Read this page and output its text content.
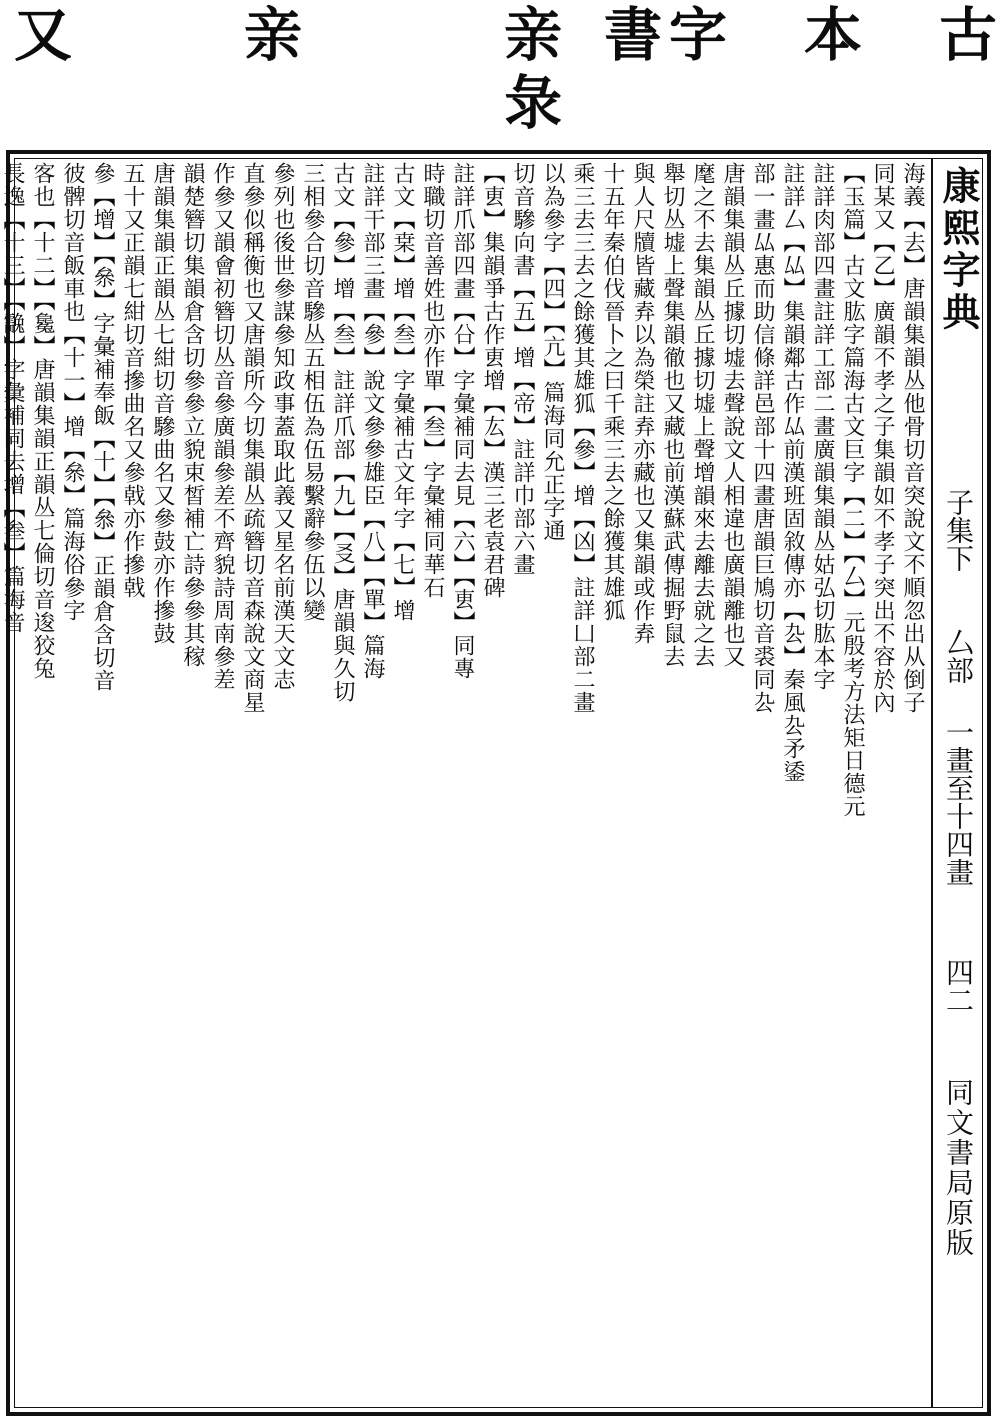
古
本
字
書
亲
彔
亲
又
康熙字典
子集下
厶部
一畫至十四畫
四二
同文書局原版
海義【去】唐韻集韻丛他骨切音突說文不順忽出从倒子
同某又【乙】廣韻不孝之子集韻如不孝子突出不容於內
【玉篇】古文肱字篇海古文巨字【二】【厶】元殷考方法矩日德元
註詳肉部四畫註詳工部二畫廣韻集韻丛姑弘切肱本字
註詳厶【厸】集韻鄰古作厸前漢班固敘傳亦【厹】秦風厹矛鋈
部一畫厸惠而助信條詳邑部十四畫唐韻巨鳩切音裘同厹
唐韻集韻丛丘據切墟去聲說文人相違也廣韻離也又
麾之不去集韻丛丘據切墟上聲增韻來去離去就之去
舉切丛墟上聲集韻徹也又藏也前漢蘇武傳掘野鼠去
與人尺牘皆藏弆以為榮註弆亦藏也又集韻或作弆
十五年秦伯伐晉卜之曰千乘三去之餘獲其雄狐
乘三去三去之餘獲其雄狐【參】增【凶】註詳凵部二畫
以為參字【四】【亢】篇海同允正字通
切音驂向書【五】增【帝】註詳巾部六畫
【叀】集韻爭古作叀增【厷】漢三老袁君碑
註詳爪部四畫【㕣】字彙補同去見【六】【叀】同專
時職切音善姓也亦作單【叁】字彙補同華石
古文【枽】增【叁】字彙補古文年字【七】增
註詳干部三畫【參】說文參參雄臣【八】【單】篇海
古文【參】增【叁】註詳爪部【九】【㕛】唐韻與久切
三相參合切音驂丛五相伍為伍易繫辭參伍以變
參列也後世參謀參知政事蓋取此義又星名前漢天文志
直參似稱衡也又唐韻所今切集韻丛疏簪切音森說文商星
作參又韻會初簪切丛音參廣韻參差不齊貌詩周南參差
韻楚簪切集韻倉含切參參立貌束皙補亡詩參參其稼
唐韻集韻正韻丛七紺切音驂曲名又參鼓亦作摻鼓
五十又正韻七紺切音摻曲名又參戟亦作摻戟
參【增】【㕘】字彙補奉飯【十】【叅】正韻倉含切音
彼髀切音飯車也【十一】增【㕘】篇海俗參字
客也【十二】【毚】唐韻集韻正韻丛七倫切音逡狡兔
長逸【十三】【䨲】字彙補同去增【叁】篇海音
